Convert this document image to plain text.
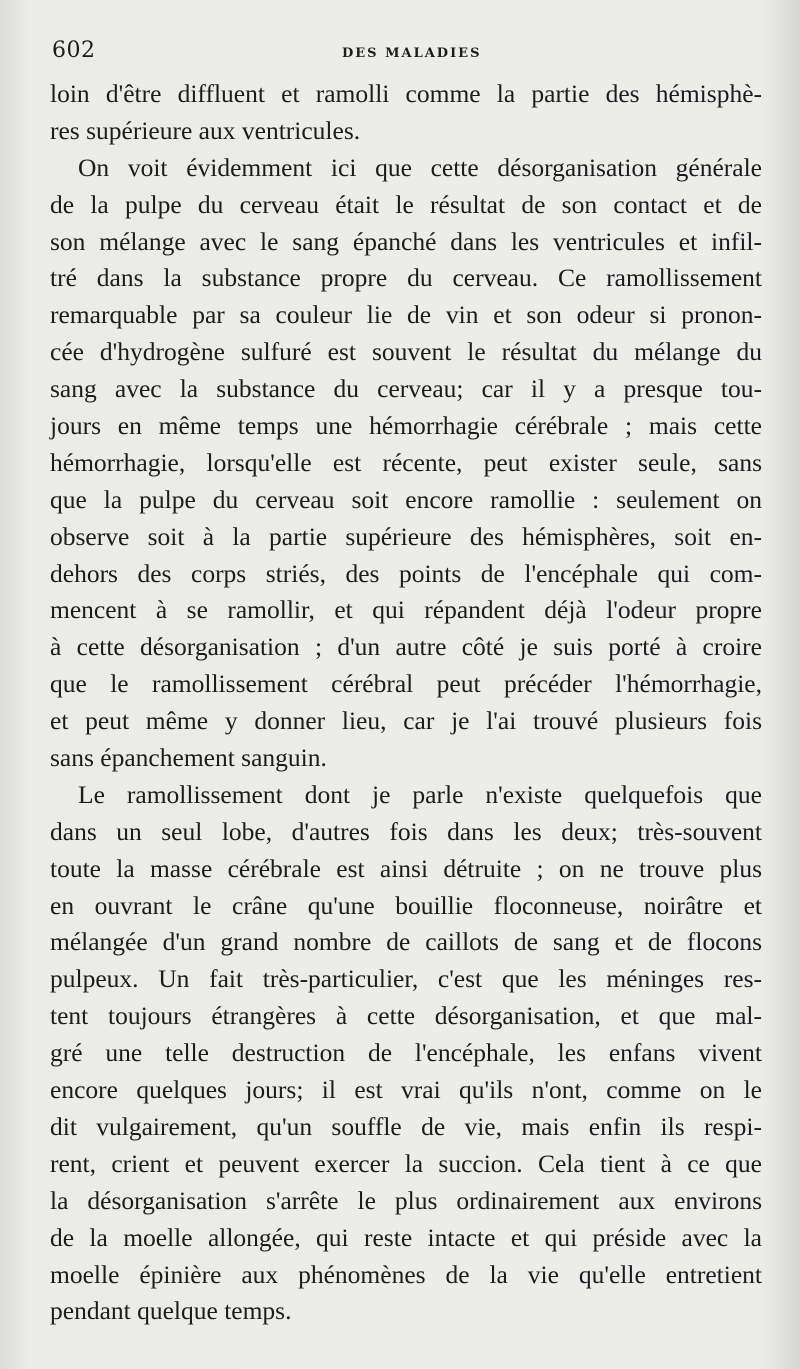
602	DES MALADIES
loin d'être diffluent et ramolli comme la partie des hémisphè-
res supérieure aux ventricules.
On voit évidemment ici que cette désorganisation générale
de la pulpe du cerveau était le résultat de son contact et de
son mélange avec le sang épanché dans les ventricules et infil-
tré dans la substance propre du cerveau. Ce ramollissement
remarquable par sa couleur lie de vin et son odeur si pronon-
cée d'hydrogène sulfuré est souvent le résultat du mélange du
sang avec la substance du cerveau; car il y a presque tou-
jours en même temps une hémorrhagie cérébrale ; mais cette
hémorrhagie, lorsqu'elle est récente, peut exister seule, sans
que la pulpe du cerveau soit encore ramollie : seulement on
observe soit à la partie supérieure des hémisphères, soit en-
dehors des corps striés, des points de l'encéphale qui com-
mencent à se ramollir, et qui répandent déjà l'odeur propre
à cette désorganisation ; d'un autre côté je suis porté à croire
que le ramollissement cérébral peut précéder l'hémorrhagie,
et peut même y donner lieu, car je l'ai trouvé plusieurs fois
sans épanchement sanguin.
Le ramollissement dont je parle n'existe quelquefois que
dans un seul lobe, d'autres fois dans les deux; très-souvent
toute la masse cérébrale est ainsi détruite ; on ne trouve plus
en ouvrant le crâne qu'une bouillie floconneuse, noirâtre et
mélangée d'un grand nombre de caillots de sang et de flocons
pulpeux. Un fait très-particulier, c'est que les méninges res-
tent toujours étrangères à cette désorganisation, et que mal-
gré une telle destruction de l'encéphale, les enfans vivent
encore quelques jours; il est vrai qu'ils n'ont, comme on le
dit vulgairement, qu'un souffle de vie, mais enfin ils respi-
rent, crient et peuvent exercer la succion. Cela tient à ce que
la désorganisation s'arrête le plus ordinairement aux environs
de la moelle allongée, qui reste intacte et qui préside avec la
moelle épinière aux phénomènes de la vie qu'elle entretient
pendant quelque temps.
